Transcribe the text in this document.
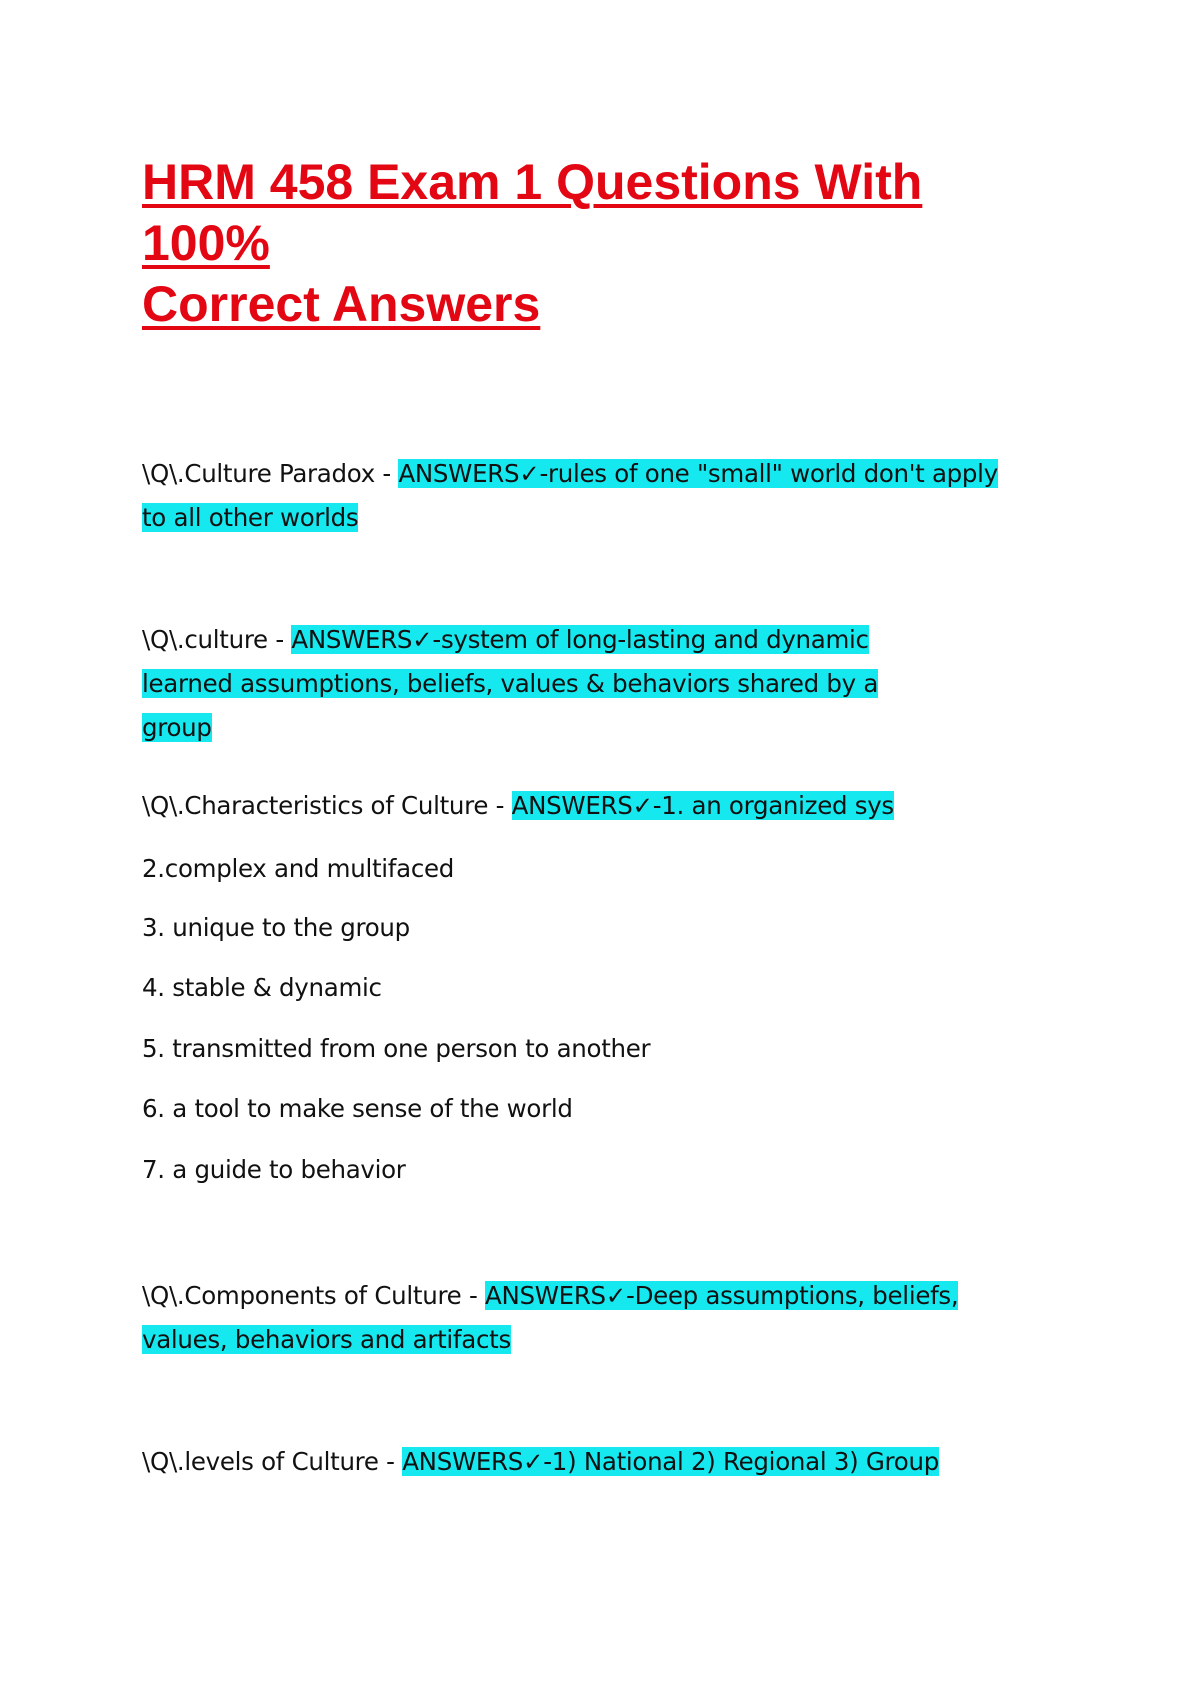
HRM 458 Exam 1 Questions With 100%
Correct Answers

\Q\.Culture Paradox - ANSWERS✓-rules of one "small" world don't apply to all other worlds

\Q\.culture - ANSWERS✓-system of long-lasting and dynamic learned assumptions, beliefs, values & behaviors shared by a group

\Q\.Characteristics of Culture - ANSWERS✓-1. an organized sys

2.complex and multifaced

3. unique to the group

4. stable & dynamic

5. transmitted from one person to another

6. a tool to make sense of the world

7. a guide to behavior

\Q\.Components of Culture - ANSWERS✓-Deep assumptions, beliefs, values, behaviors and artifacts

\Q\.levels of Culture - ANSWERS✓-1) National 2) Regional 3) Group
